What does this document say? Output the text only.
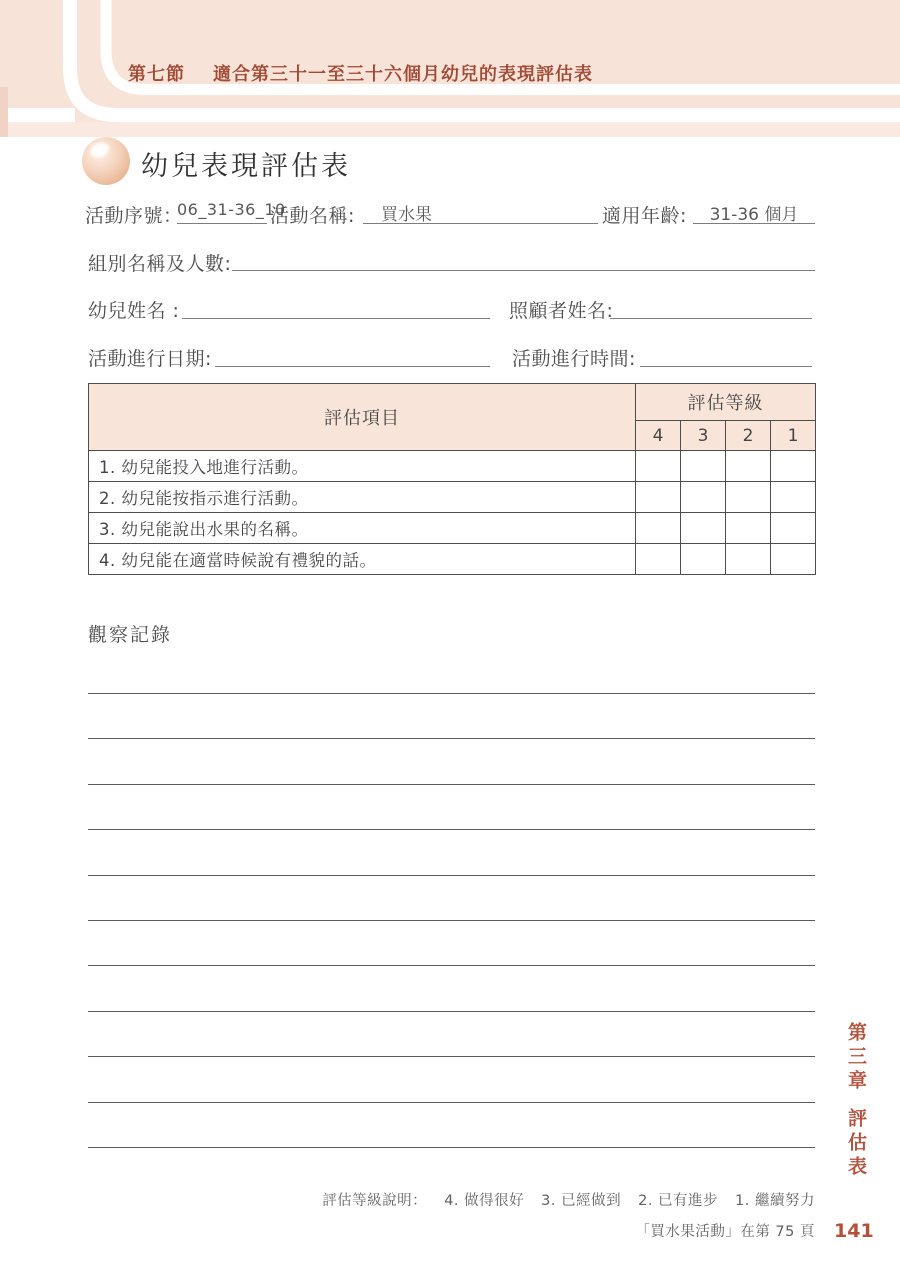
第七節 適合第三十一至三十六個月幼兒的表現評估表
幼兒表現評估表
活動序號：
06_31-36_10
活動名稱:	買水果	適用年齡:	31-36 個月
組別名稱及人數:
幼兒姓名 :	照顧者姓名:
活動進行日期:	活動進行時間:
評估項目	評估等級			
	4	3	2	1
1. 幼兒能投入地進行活動。				
2. 幼兒能按指示進行活動。				
3. 幼兒能說出水果的名稱。				
4. 幼兒能在適當時候說有禮貌的話。				
觀察記錄
第三章評估表
評估等級說明： 4. 做得很好 3. 已經做到 2. 已有進步 1. 繼續努力
「買水果活動」在第 75 頁 141
